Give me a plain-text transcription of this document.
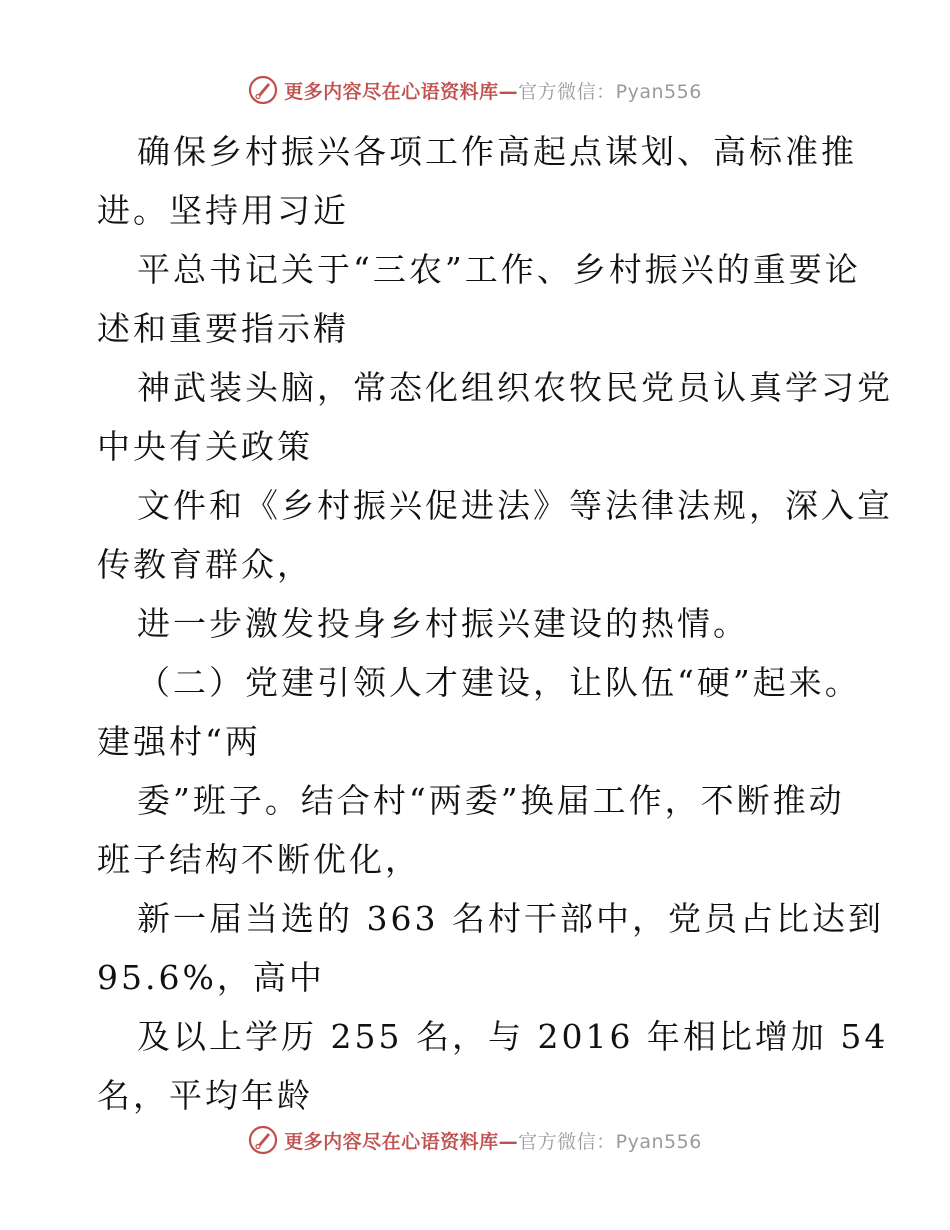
更多内容尽在心语资料库— 官方微信：Pyan556
确保乡村振兴各项工作高起点谋划、高标准推
进。坚持用习近
平总书记关于“三农”工作、乡村振兴的重要论
述和重要指示精
神武装头脑，常态化组织农牧民党员认真学习党
中央有关政策
文件和《乡村振兴促进法》等法律法规，深入宣
传教育群众，
进一步激发投身乡村振兴建设的热情。
（二）党建引领人才建设，让队伍“硬”起来。
建强村“两
委”班子。结合村“两委”换届工作，不断推动
班子结构不断优化，
新一届当选的 363 名村干部中，党员占比达到
95.6%，高中
及以上学历 255 名，与 2016 年相比增加 54
名，平均年龄
更多内容尽在心语资料库— 官方微信：Pyan556
